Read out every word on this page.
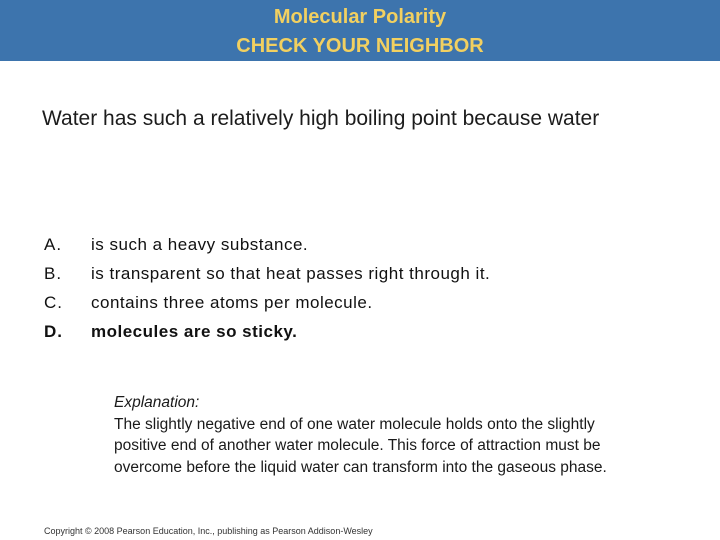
Molecular Polarity
CHECK YOUR NEIGHBOR
Water has such a relatively high boiling point because water
A. is such a heavy substance.
B. is transparent so that heat passes right through it.
C. contains three atoms per molecule.
D. molecules are so sticky.
Explanation:
The slightly negative end of one water molecule holds onto the slightly positive end of another water molecule. This force of attraction must be overcome before the liquid water can transform into the gaseous phase.
Copyright © 2008 Pearson Education, Inc., publishing as Pearson Addison-Wesley
